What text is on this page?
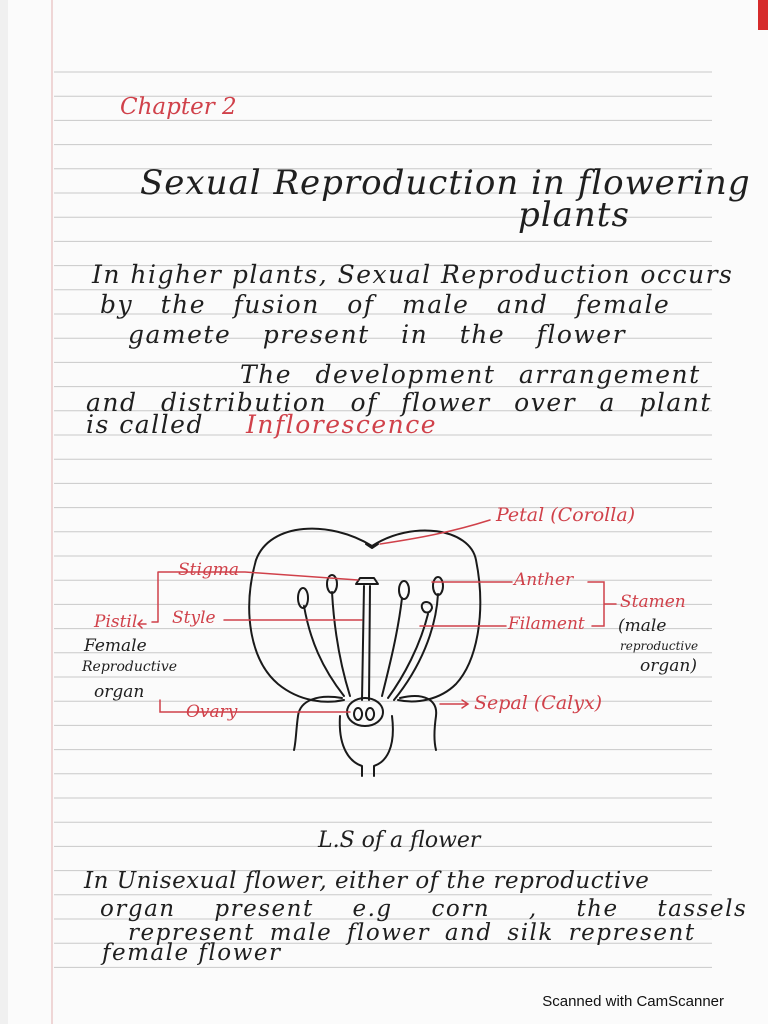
Chapter 2
Sexual Reproduction in flowering
plants
In higher plants, Sexual Reproduction occurs
by the fusion of male and female
gamete present in the flower
The development arrangement
and distribution of flower over a plant
is called Inflorescence
Petal (Corolla)
Stigma
Style
Pistil
Female
Reproductive
organ
Ovary
Anther
Filament
Stamen
(male
reproductive
organ)
Sepal (Calyx)
L.S of a flower
In Unisexual flower, either of the reproductive
organ present e.g corn , the tassels
represent male flower and silk represent
female flower
Scanned with CamScanner
